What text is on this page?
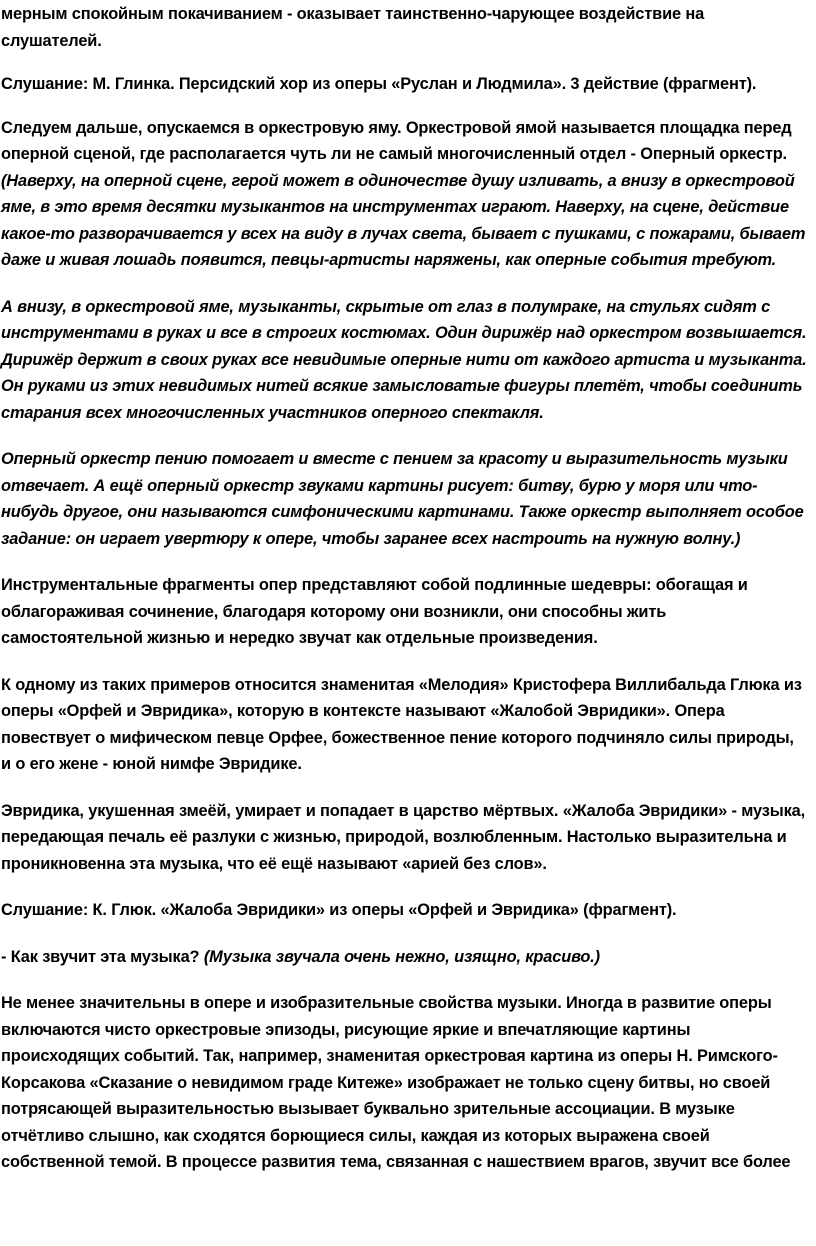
мерным спокойным покачиванием - оказывает таинственно-чарующее воздействие на слушателей.

Слушание: М. Глинка. Персидский хор из оперы «Руслан и Людмила». 3 действие (фрагмент).

Следуем дальше, опускаемся в оркестровую яму. Оркестровой ямой называется площадка перед оперной сценой, где располагается чуть ли не самый многочисленный отдел - Оперный оркестр. (Наверху, на оперной сцене, герой может в одиночестве душу изливать, а внизу в оркестровой яме, в это время десятки музыкантов на инструментах играют. Наверху, на сцене, действие какое-то разворачивается у всех на виду в лучах света, бывает с пушками, с пожарами, бывает даже и живая лошадь появится, певцы-артисты наряжены, как оперные события требуют.

А внизу, в оркестровой яме, музыканты, скрытые от глаз в полумраке, на стульях сидят с инструментами в руках и все в строгих костюмах. Один дирижёр над оркестром возвышается. Дирижёр держит в своих руках все невидимые оперные нити от каждого артиста и музыканта. Он руками из этих невидимых нитей всякие замысловатые фигуры плетёт, чтобы соединить старания всех многочисленных участников оперного спектакля.

Оперный оркестр пению помогает и вместе с пением за красоту и выразительность музыки отвечает. А ещё оперный оркестр звуками картины рисует: битву, бурю у моря или что-нибудь другое, они называются симфоническими картинами. Также оркестр выполняет особое задание: он играет увертюру к опере, чтобы заранее всех настроить на нужную волну.)

Инструментальные фрагменты опер представляют собой подлинные шедевры: обогащая и облагораживая сочинение, благодаря которому они возникли, они способны жить самостоятельной жизнью и нередко звучат как отдельные произведения.

К одному из таких примеров относится знаменитая «Мелодия» Кристофера Виллибальда Глюка из оперы «Орфей и Эвридика», которую в контексте называют «Жалобой Эвридики». Опера повествует о мифическом певце Орфее, божественное пение которого подчиняло силы природы, и о его жене - юной нимфе Эвридике.

Эвридика, укушенная змеёй, умирает и попадает в царство мёртвых. «Жалоба Эвридики» - музыка, передающая печаль её разлуки с жизнью, природой, возлюбленным. Настолько выразительна и проникновенна эта музыка, что её ещё называют «арией без слов».

Слушание: К. Глюк. «Жалоба Эвридики» из оперы «Орфей и Эвридика» (фрагмент).

- Как звучит эта музыка? (Музыка звучала очень нежно, изящно, красиво.)

Не менее значительны в опере и изобразительные свойства музыки. Иногда в развитие оперы включаются чисто оркестровые эпизоды, рисующие яркие и впечатляющие картины происходящих событий. Так, например, знаменитая оркестровая картина из оперы Н. Римского-Корсакова «Сказание о невидимом граде Китеже» изображает не только сцену битвы, но своей потрясающей выразительностью вызывает буквально зрительные ассоциации. В музыке отчётливо слышно, как сходятся борющиеся силы, каждая из которых выражена своей собственной темой. В процессе развития тема, связанная с нашествием врагов, звучит все более
